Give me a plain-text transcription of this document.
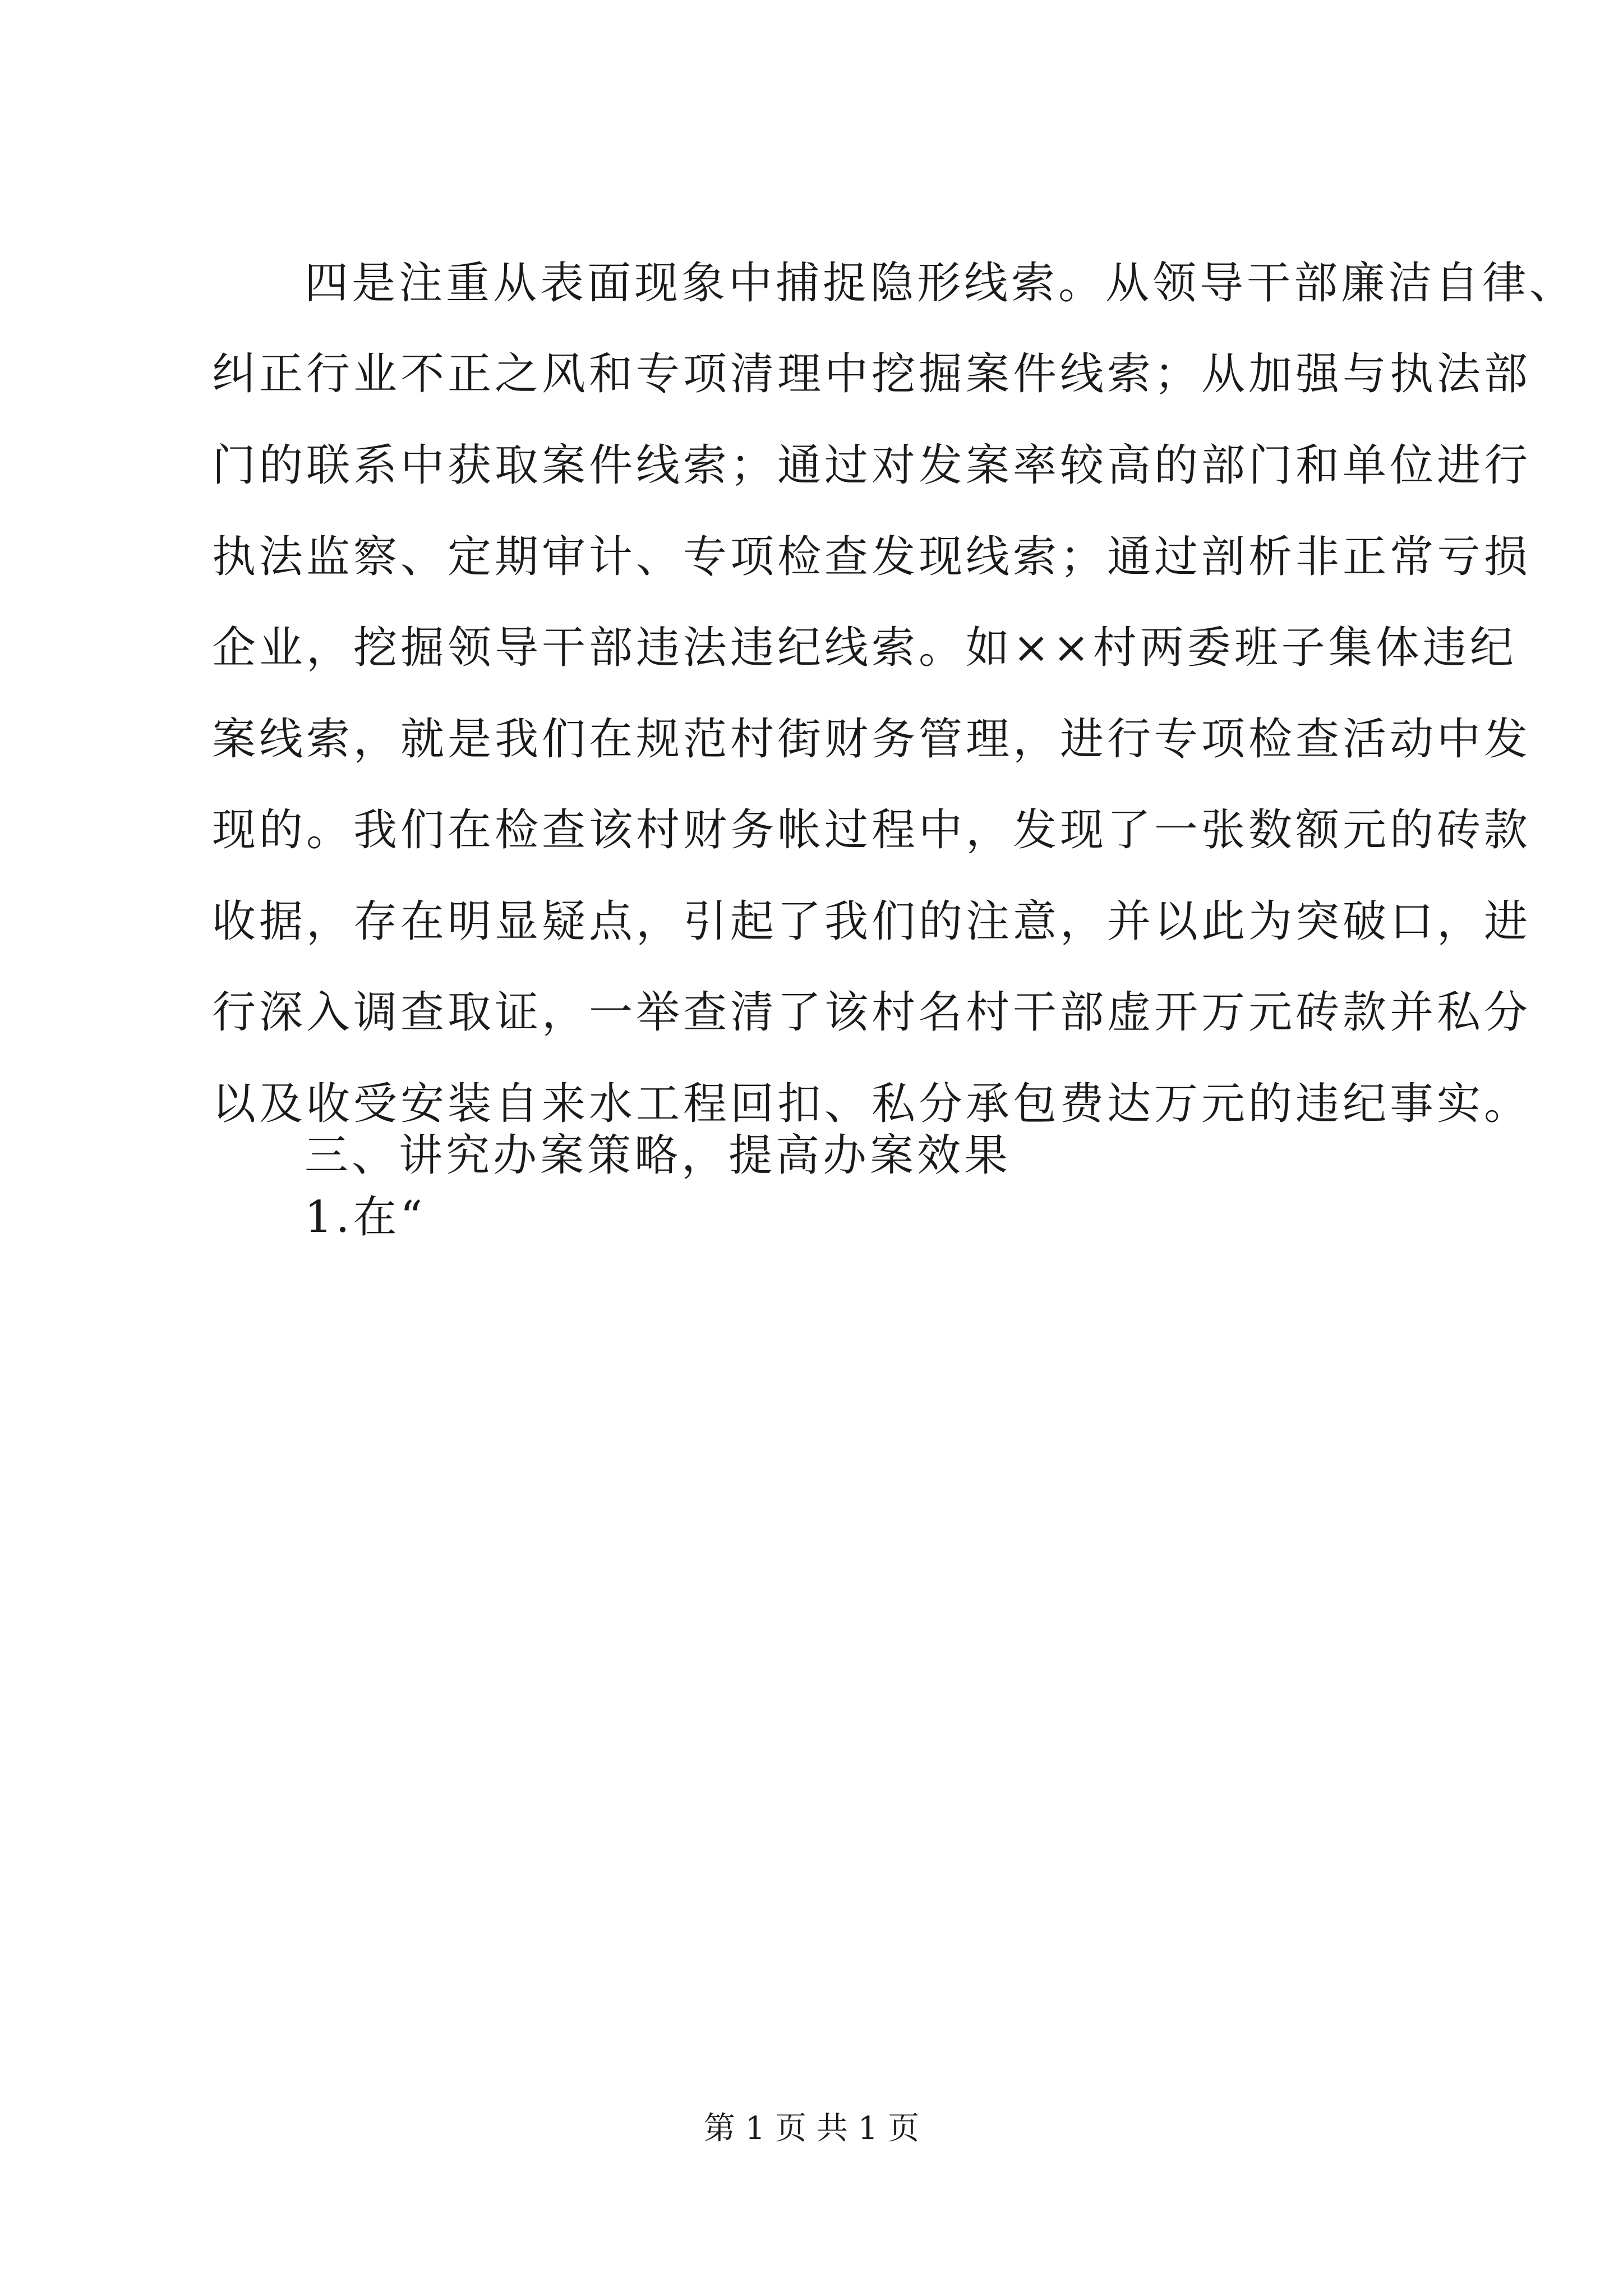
四是注重从表面现象中捕捉隐形线索。从领导干部廉洁自律、
纠正行业不正之风和专项清理中挖掘案件线索；从加强与执法部
门的联系中获取案件线索；通过对发案率较高的部门和单位进行
执法监察、定期审计、专项检查发现线索；通过剖析非正常亏损
企业，挖掘领导干部违法违纪线索。如××村两委班子集体违纪
案线索，就是我们在规范村街财务管理，进行专项检查活动中发
现的。我们在检查该村财务帐过程中，发现了一张数额元的砖款
收据，存在明显疑点，引起了我们的注意，并以此为突破口，进
行深入调查取证，一举查清了该村名村干部虚开万元砖款并私分
以及收受安装自来水工程回扣、私分承包费达万元的违纪事实。
三、讲究办案策略，提高办案效果
1.在“
第 1 页 共 1 页
